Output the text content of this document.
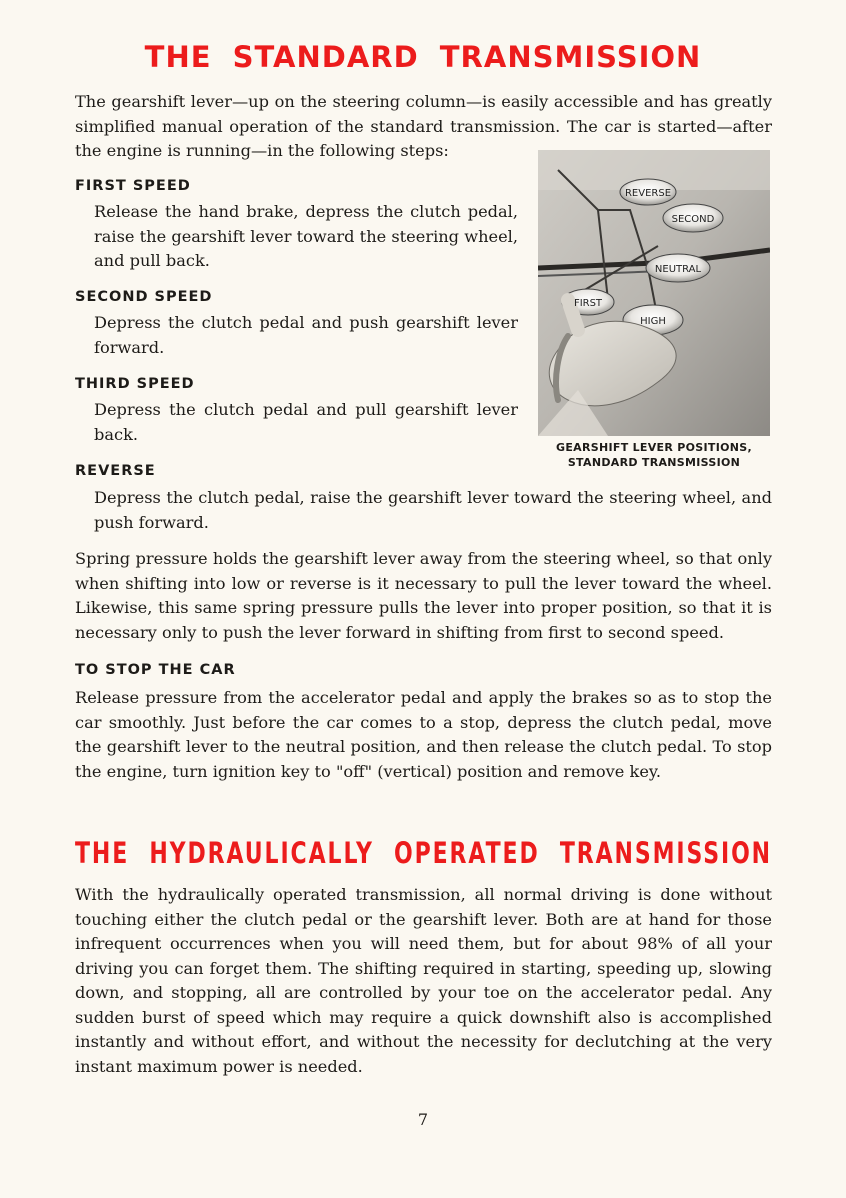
THE STANDARD TRANSMISSION

The gearshift lever—up on the steering column—is easily accessible and has greatly simplified manual operation of the standard transmission. The car is started—after the engine is running—in the following steps:

REVERSE
SECOND
NEUTRAL
FIRST
HIGH
GEARSHIFT LEVER POSITIONS,
STANDARD TRANSMISSION
FIRST SPEED

Release the hand brake, depress the clutch pedal, raise the gearshift lever toward the steering wheel, and pull back.

SECOND SPEED

Depress the clutch pedal and push gearshift lever forward.

THIRD SPEED

Depress the clutch pedal and pull gearshift lever back.

REVERSE

Depress the clutch pedal, raise the gearshift lever toward the steering wheel, and push forward.

Spring pressure holds the gearshift lever away from the steering wheel, so that only when shifting into low or reverse is it necessary to pull the lever toward the wheel. Likewise, this same spring pressure pulls the lever into proper position, so that it is necessary only to push the lever forward in shifting from first to second speed.

TO STOP THE CAR

Release pressure from the accelerator pedal and apply the brakes so as to stop the car smoothly. Just before the car comes to a stop, depress the clutch pedal, move the gearshift lever to the neutral position, and then release the clutch pedal. To stop the engine, turn ignition key to "off" (vertical) position and remove key.

THE HYDRAULICALLY OPERATED TRANSMISSION

With the hydraulically operated transmission, all normal driving is done without touching either the clutch pedal or the gearshift lever. Both are at hand for those infrequent occurrences when you will need them, but for about 98% of all your driving you can forget them. The shifting required in starting, speeding up, slowing down, and stopping, all are controlled by your toe on the accelerator pedal. Any sudden burst of speed which may require a quick downshift also is accomplished instantly and without effort, and without the necessity for declutching at the very instant maximum power is needed.

7
